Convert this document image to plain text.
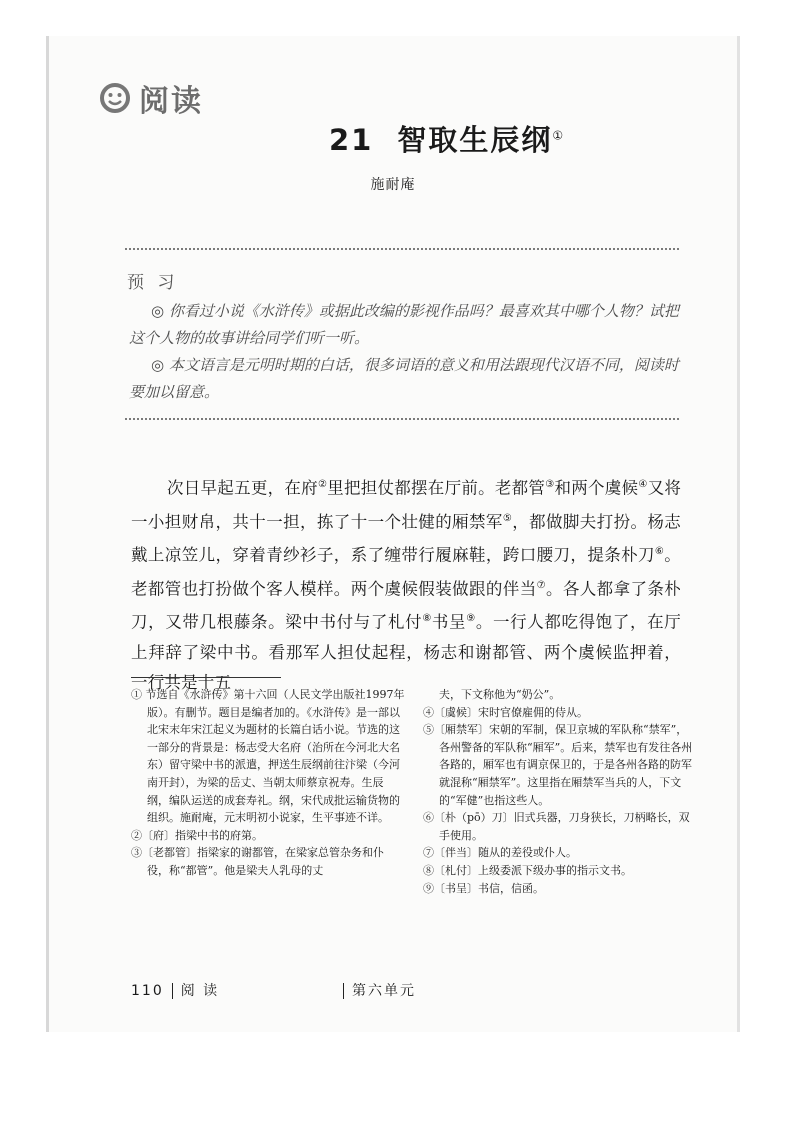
阅读
21 智取生辰纲①
施耐庵
预 习
◎ 你看过小说《水浒传》或据此改编的影视作品吗？最喜欢其中哪个人物？试把这个人物的故事讲给同学们听一听。
◎ 本文语言是元明时期的白话，很多词语的意义和用法跟现代汉语不同，阅读时要加以留意。
次日早起五更，在府②里把担仗都摆在厅前。老都管③和两个虞候④又将一小担财帛，共十一担，拣了十一个壮健的厢禁军⑤，都做脚夫打扮。杨志戴上凉笠儿，穿着青纱衫子，系了缠带行履麻鞋，跨口腰刀，提条朴刀⑥。老都管也打扮做个客人模样。两个虞候假装做跟的伴当⑦。各人都拿了条朴刀，又带几根藤条。梁中书付与了札付⑧书呈⑨。一行人都吃得饱了，在厅上拜辞了梁中书。看那军人担仗起程，杨志和谢都管、两个虞候监押着，一行共是十五

① 节选自《水浒传》第十六回（人民文学出版社1997年版）。有删节。题目是编者加的。《水浒传》是一部以北宋末年宋江起义为题材的长篇白话小说。节选的这一部分的背景是：杨志受大名府（治所在今河北大名东）留守梁中书的派遣，押送生辰纲前往汴梁（今河南开封），为梁的岳丈、当朝太师蔡京祝寿。生辰纲，编队运送的成套寿礼。纲，宋代成批运输货物的组织。施耐庵，元末明初小说家，生平事迹不详。

②〔府〕指梁中书的府第。

③〔老都管〕指梁家的谢都管，在梁家总管杂务和仆役，称“都管”。他是梁夫人乳母的丈

夫，下文称他为“奶公”。

④〔虞候〕宋时官僚雇佣的侍从。

⑤〔厢禁军〕宋朝的军制，保卫京城的军队称“禁军”，各州警备的军队称“厢军”。后来，禁军也有发往各州各路的，厢军也有调京保卫的，于是各州各路的防军就混称“厢禁军”。这里指在厢禁军当兵的人，下文的“军健”也指这些人。

⑥〔朴（pō）刀〕旧式兵器，刀身狭长，刀柄略长，双手使用。

⑦〔伴当〕随从的差役或仆人。

⑧〔札付〕上级委派下级办事的指示文书。

⑨〔书呈〕书信，信函。

110 阅 读	第六单元
